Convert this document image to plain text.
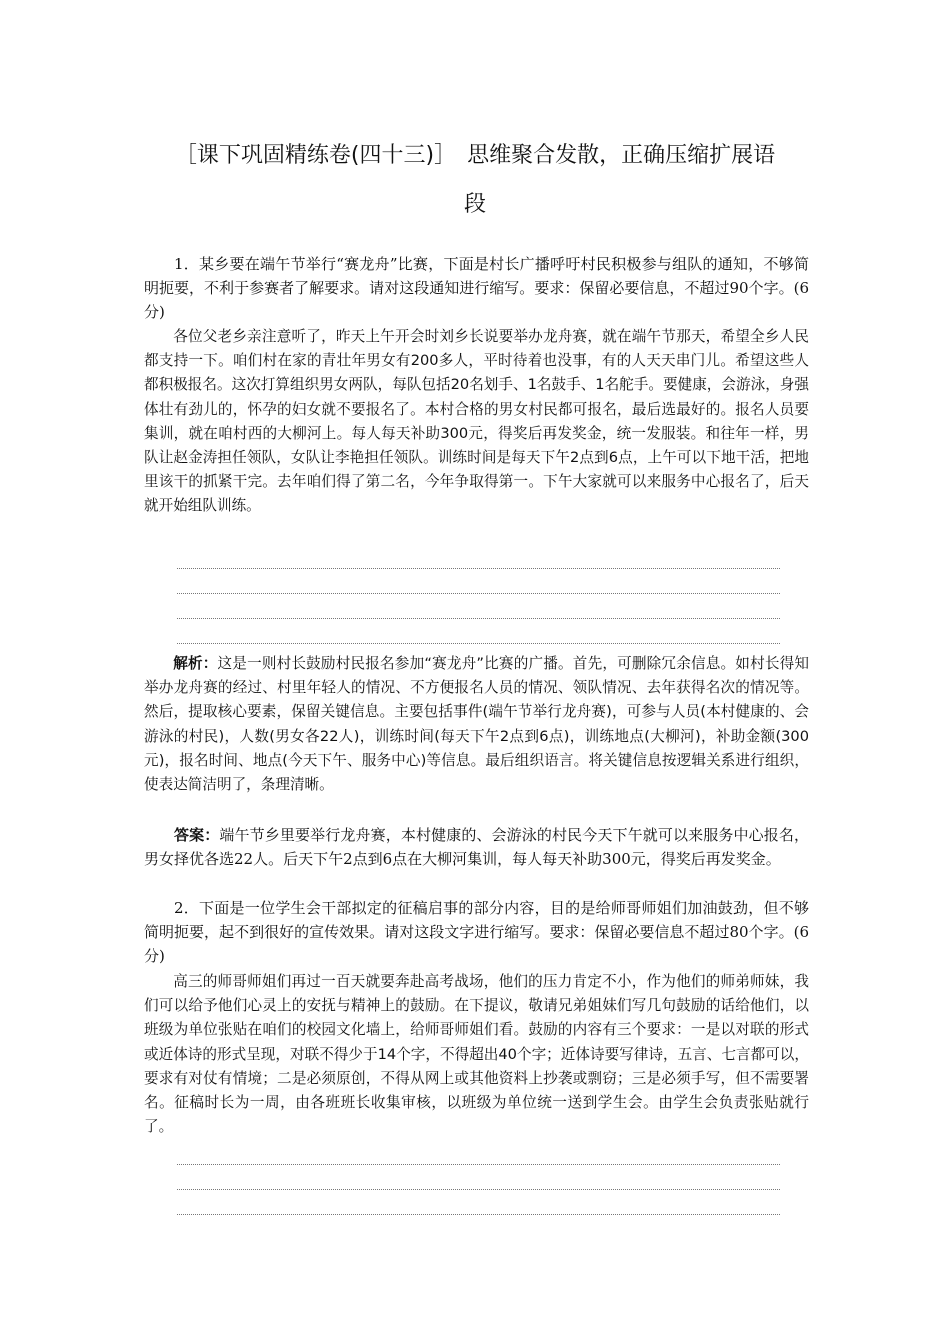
［课下巩固精练卷(四十三)］　思维聚合发散，正确压缩扩展语
段

1．某乡要在端午节举行“赛龙舟”比赛，下面是村长广播呼吁村民积极参与组队的通知，不够简明扼要，不利于参赛者了解要求。请对这段通知进行缩写。要求：保留必要信息，不超过90个字。(6分)

各位父老乡亲注意听了，昨天上午开会时刘乡长说要举办龙舟赛，就在端午节那天，希望全乡人民都支持一下。咱们村在家的青壮年男女有200多人，平时待着也没事，有的人天天串门儿。希望这些人都积极报名。这次打算组织男女两队，每队包括20名划手、1名鼓手、1名舵手。要健康，会游泳，身强体壮有劲儿的，怀孕的妇女就不要报名了。本村合格的男女村民都可报名，最后选最好的。报名人员要集训，就在咱村西的大柳河上。每人每天补助300元，得奖后再发奖金，统一发服装。和往年一样，男队让赵金涛担任领队，女队让李艳担任领队。训练时间是每天下午2点到6点，上午可以下地干活，把地里该干的抓紧干完。去年咱们得了第二名，今年争取得第一。下午大家就可以来服务中心报名了，后天就开始组队训练。

解析：这是一则村长鼓励村民报名参加“赛龙舟”比赛的广播。首先，可删除冗余信息。如村长得知举办龙舟赛的经过、村里年轻人的情况、不方便报名人员的情况、领队情况、去年获得名次的情况等。然后，提取核心要素，保留关键信息。主要包括事件(端午节举行龙舟赛)，可参与人员(本村健康的、会游泳的村民)，人数(男女各22人)，训练时间(每天下午2点到6点)，训练地点(大柳河)，补助金额(300元)，报名时间、地点(今天下午、服务中心)等信息。最后组织语言。将关键信息按逻辑关系进行组织，使表达简洁明了，条理清晰。

答案：端午节乡里要举行龙舟赛，本村健康的、会游泳的村民今天下午就可以来服务中心报名，男女择优各选22人。后天下午2点到6点在大柳河集训，每人每天补助300元，得奖后再发奖金。

2．下面是一位学生会干部拟定的征稿启事的部分内容，目的是给师哥师姐们加油鼓劲，但不够简明扼要，起不到很好的宣传效果。请对这段文字进行缩写。要求：保留必要信息不超过80个字。(6分)

高三的师哥师姐们再过一百天就要奔赴高考战场，他们的压力肯定不小，作为他们的师弟师妹，我们可以给予他们心灵上的安抚与精神上的鼓励。在下提议，敬请兄弟姐妹们写几句鼓励的话给他们，以班级为单位张贴在咱们的校园文化墙上，给师哥师姐们看。鼓励的内容有三个要求：一是以对联的形式或近体诗的形式呈现，对联不得少于14个字，不得超出40个字；近体诗要写律诗，五言、七言都可以，要求有对仗有情境；二是必须原创，不得从网上或其他资料上抄袭或剽窃；三是必须手写，但不需要署名。征稿时长为一周，由各班班长收集审核，以班级为单位统一送到学生会。由学生会负责张贴就行了。
